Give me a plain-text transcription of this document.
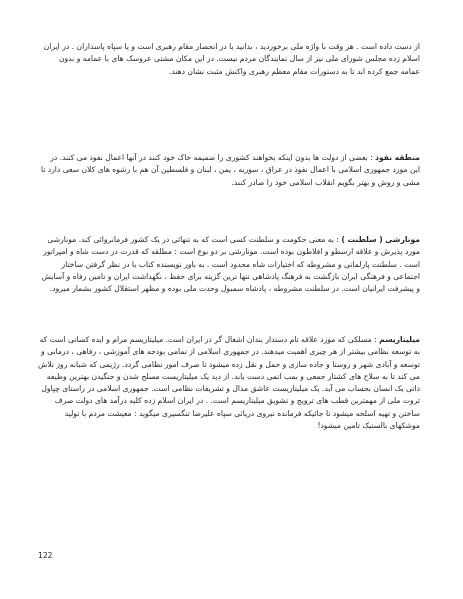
از دست داده است . هر وقت با واژه ملی برخوردید ، بدانید با در انحصار مقام رهبری است و یا سپاه پاسداران . در ایران اسلام زده مجلس شورای ملی نیز از سال نمایندگان مردم نیست. در این مکان مشتی عروسک های با عمامه و بدون عمامه جمع کرده اند تا به دستورات مقام معظم رهبری واکنش مثبت نشان دهند.
منطقه نفوذ : بعضی از دولت ها بدون اینکه بخواهند کشوری را ضمیمه خاک خود کنند در آنها اعمال نفوذ می کنند. در این مورد جمهوری اسلامی با اعمال نفوذ در عراق ، سوریه ، یمن ، لبنان و فلسطین آن هم با رشوه های کلان سعی دارد تا مشی و روش و بهتر بگویم انقلاب اسلامی خود را صادر کنند.
مونارشی ( سلطنت ) : به معنی حکومت و سلطنت کسی است که به تنهائی در یک کشور فرمانروائی کند. مونارشی مورد پذیرش و علاقه ارسطو و افلاطون بوده است. مونارشی بر دو نوع است : مطلقه که قدرت در دست شاه و امپراتور است . سلطنت پارلمانی و مشروطه که اختیارات شاه محدود است . به باور نویسنده کتاب با در نظر گرفتن ساختار اجتماعی و فرهنگی ایران بازگشت به فرهنگ پادشاهی تنها ترین گزینه برای حفظ ، نگهداشت ایران و تامین رفاه و آسایش و پیشرفت ایرانیان است. در سلطنت مشروطه ، پادشاه سمبول وحدت ملی بوده و مظهر استقلال کشور بشمار میرود.
میلیتاریسم : مسلکی که مورد علاقه تام دستدار بندان اشغال گر در ایران است. میلیتاریسم مرام و ایده کسانی است که به توسعه نظامی بیشتر از هر چیزی اهمیت میدهند. در جمهوری اسلامی از تمامی بودجه های آموزشی ، رفاهی ، درمانی و توسعه و آبادی شهر و روستا و جاده سازی و حمل و نقل زده میشود تا صرف امور نظامی گردد. رژیمی که شبانه روز تلاش می کند تا به سلاح های کشتار جمعی و بمب اتمی دست یابد. از دید یک میلیتاریست مسلح شدن و جنگیدن بهترین وظیفه ذاتی یک انسان بحساب می آید. یک میلیتاریست عاشق مدال و تشریفات نظامی است. جمهوری اسلامی در راستای چپاول ثروت ملی از مهمترین قطب های ترویج و تشویق میلیتاریسم است. . در ایران اسلام زده کلیه درآمد های دولت صرف ساختن و تهیه اسلحه میشود تا جائیکه فرمانده نیروی دریائی سپاه علیرضا تنگسیری میگوید : معیشت مردم با تولید موشکهای بالستیک تامین میشود!
122
